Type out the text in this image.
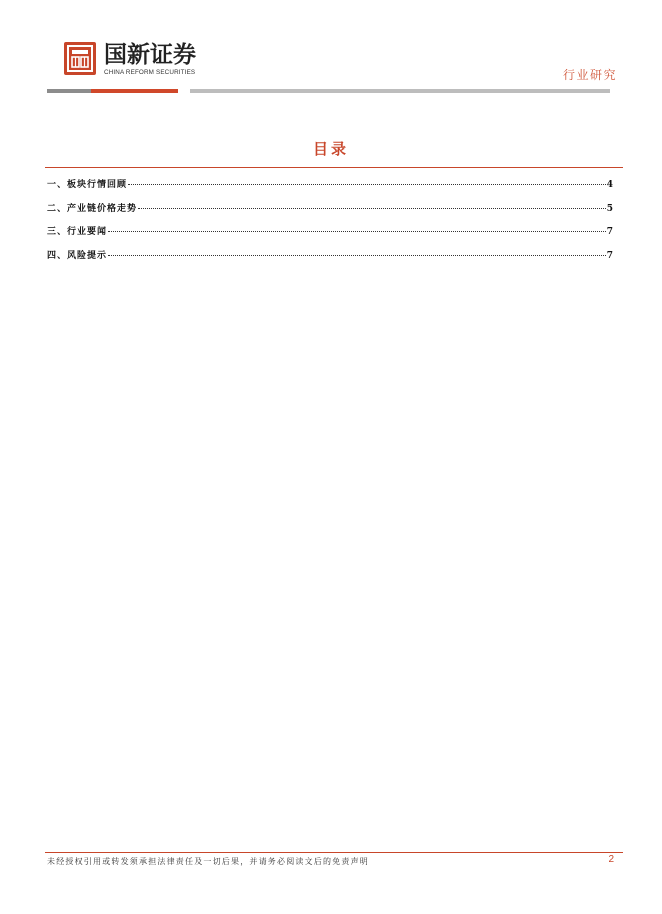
国新证券
CHINA REFORM SECURITIES	行业研究
目录
一、板块行情回顾	4
二、产业链价格走势	5
三、行业要闻	7
四、风险提示	7
未经授权引用或转发须承担法律责任及一切后果，并请务必阅读文后的免责声明	2
